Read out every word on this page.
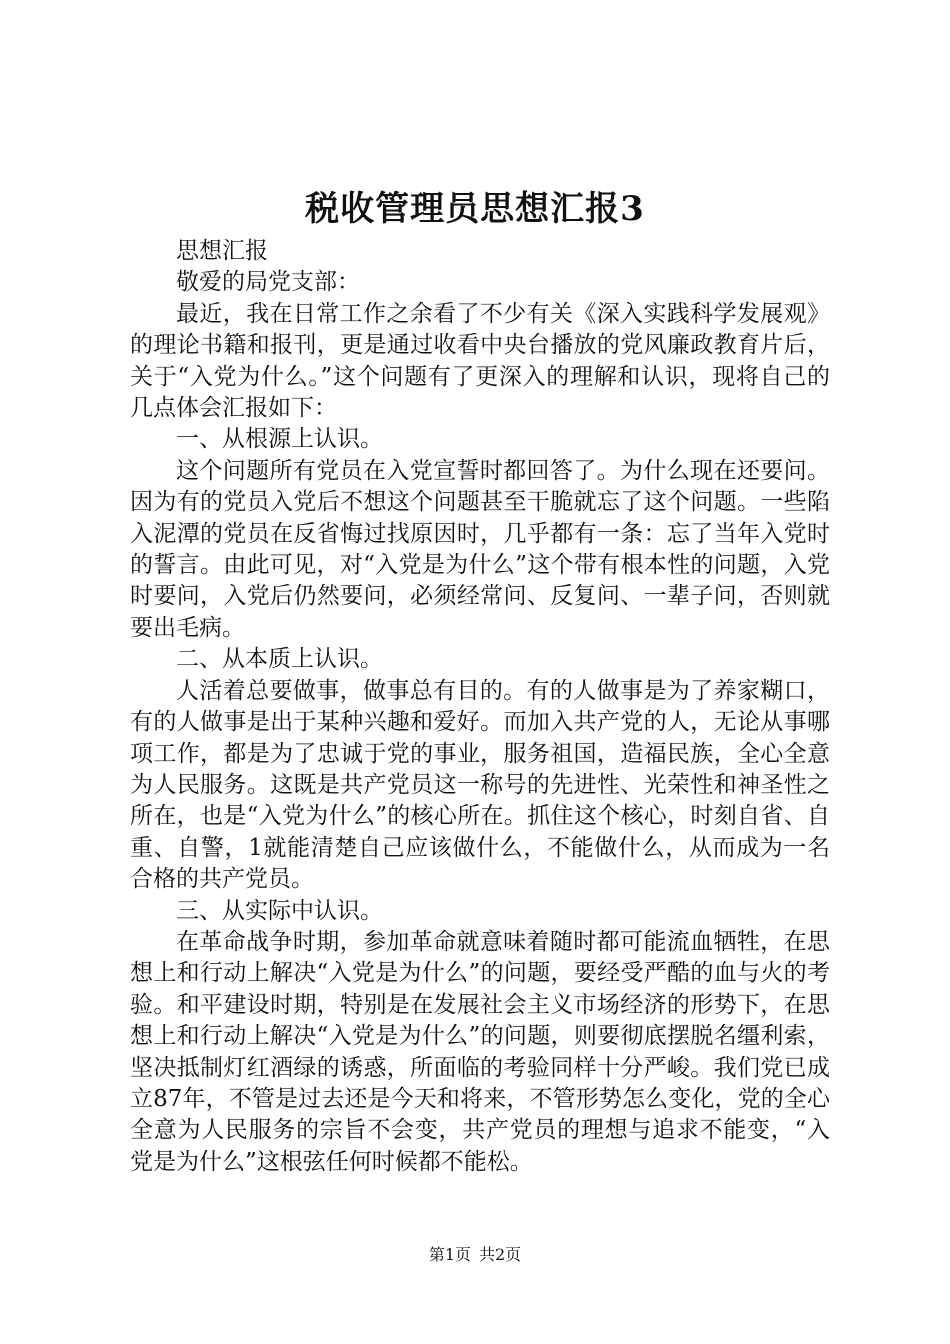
税收管理员思想汇报3

思想汇报

敬爱的局党支部：

最近，我在日常工作之余看了不少有关《深入实践科学发展观》的理论书籍和报刊，更是通过收看中央台播放的党风廉政教育片后，关于“入党为什么。”这个问题有了更深入的理解和认识，现将自己的几点体会汇报如下：

一、从根源上认识。

这个问题所有党员在入党宣誓时都回答了。为什么现在还要问。因为有的党员入党后不想这个问题甚至干脆就忘了这个问题。一些陷入泥潭的党员在反省悔过找原因时，几乎都有一条：忘了当年入党时的誓言。由此可见，对“入党是为什么”这个带有根本性的问题，入党时要问，入党后仍然要问，必须经常问、反复问、一辈子问，否则就要出毛病。

二、从本质上认识。

人活着总要做事，做事总有目的。有的人做事是为了养家糊口，有的人做事是出于某种兴趣和爱好。而加入共产党的人，无论从事哪项工作，都是为了忠诚于党的事业，服务祖国，造福民族，全心全意为人民服务。这既是共产党员这一称号的先进性、光荣性和神圣性之所在，也是“入党为什么”的核心所在。抓住这个核心，时刻自省、自重、自警，1就能清楚自己应该做什么，不能做什么，从而成为一名合格的共产党员。

三、从实际中认识。

在革命战争时期，参加革命就意味着随时都可能流血牺牲，在思想上和行动上解决“入党是为什么”的问题，要经受严酷的血与火的考验。和平建设时期，特别是在发展社会主义市场经济的形势下，在思想上和行动上解决“入党是为什么”的问题，则要彻底摆脱名缰利索，坚决抵制灯红酒绿的诱惑，所面临的考验同样十分严峻。我们党已成立87年，不管是过去还是今天和将来，不管形势怎么变化，党的全心全意为人民服务的宗旨不会变，共产党员的理想与追求不能变，“入党是为什么”这根弦任何时候都不能松。

第1页 共2页
